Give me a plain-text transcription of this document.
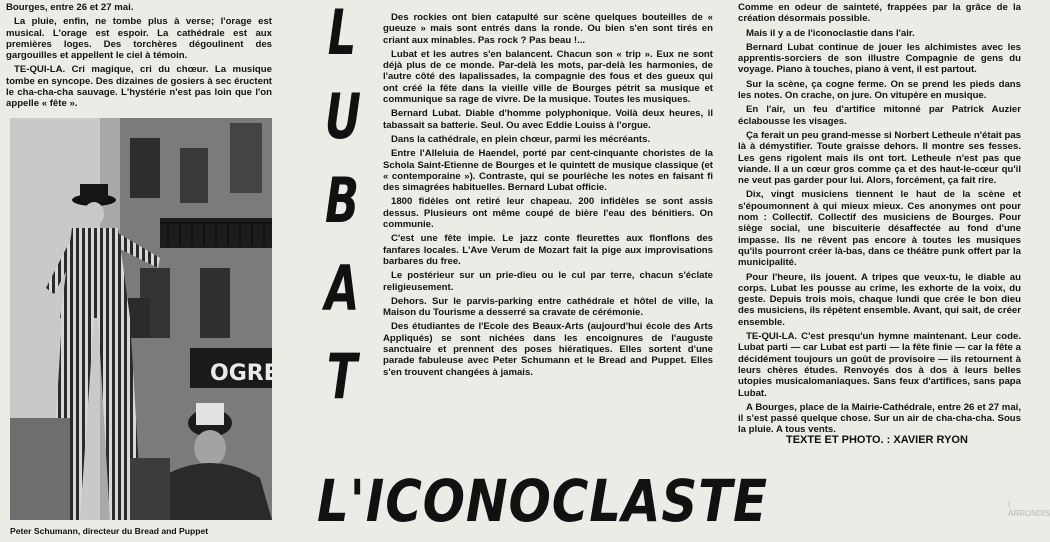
Bourges, entre 26 et 27 mai.

La pluie, enfin, ne tombe plus à verse; l'orage est musical. L'orage est espoir. La cathédrale est aux premières loges. Des torchères dégoulinent des gargouilles et appellent le ciel à témoin.

TE-QUI-LA. Cri magique, cri du chœur. La musique tombe en syncope. Des dizaines de gosiers à sec éructent le cha-cha-cha sauvage. L'hystérie n'est pas loin que l'on appelle « fête ».

OGRES
Peter Schumann, directeur du Bread and Puppet
L
U
B
A
T

Des rockies ont bien catapulté sur scène quelques bouteilles de « gueuze » mais sont entrés dans la ronde. Ou bien s'en sont tirés en criant aux minables. Pas rock ? Pas beau !...

Lubat et les autres s'en balancent. Chacun son « trip ». Eux ne sont déjà plus de ce monde. Par-delà les mots, par-delà les harmonies, de l'autre côté des lapalissades, la compagnie des fous et des gueux qui ont créé la fête dans la vieille ville de Bourges pétrit sa musique et communique sa rage de vivre. De la musique. Toutes les musiques.

Bernard Lubat. Diable d'homme polyphonique. Voilà deux heures, il tabassait sa batterie. Seul. Ou avec Eddie Louiss à l'orgue.

Dans la cathédrale, en plein chœur, parmi les mécréants.

Entre l'Alleluia de Haendel, porté par cent-cinquante choristes de la Schola Saint-Etienne de Bourges et le quintett de musique classique (et « contemporaine »). Contraste, qui se pourlèche les notes en faisant fi des simagrées habituelles. Bernard Lubat officie.

1800 fidèles ont retiré leur chapeau. 200 infidèles se sont assis dessus. Plusieurs ont même coupé de bière l'eau des bénitiers. On communie.

C'est une fête impie. Le jazz conte fleurettes aux flonflons des fanfares locales. L'Ave Verum de Mozart fait la pige aux improvisations barbares du free.

Le postérieur sur un prie-dieu ou le cul par terre, chacun s'éclate religieusement.

Dehors. Sur le parvis-parking entre cathédrale et hôtel de ville, la Maison du Tourisme a desserré sa cravate de cérémonie.

Des étudiantes de l'Ecole des Beaux-Arts (aujourd'hui école des Arts Appliqués) se sont nichées dans les encoignures de l'auguste sanctuaire et prennent des poses hiératiques. Elles sortent d'une parade fabuleuse avec Peter Schumann et le Bread and Puppet. Elles s'en trouvent changées à jamais.

Comme en odeur de sainteté, frappées par la grâce de la création désormais possible.

Mais il y a de l'iconoclastie dans l'air.

Bernard Lubat continue de jouer les alchimistes avec les apprentis-sorciers de son illustre Compagnie de gens du voyage. Piano à touches, piano à vent, il est partout.

Sur la scène, ça cogne ferme. On se prend les pieds dans les notes. On crache, on jure. On vitupère en musique.

En l'air, un feu d'artifice mitonné par Patrick Auzier éclabousse les visages.

Ça ferait un peu grand-messe si Norbert Letheule n'était pas là à démystifier. Toute graisse dehors. Il montre ses fesses. Les gens rigolent mais ils ont tort. Letheule n'est pas que viande. Il a un cœur gros comme ça et des haut-le-cœur qu'il ne veut pas garder pour lui. Alors, forcément, ça fait rire.

Dix, vingt musiciens tiennent le haut de la scène et s'époumonnent à qui mieux mieux. Ces anonymes ont pour nom : Collectif. Collectif des musiciens de Bourges. Pour siège social, une biscuiterie désaffectée au fond d'une impasse. Ils ne rêvent pas encore à toutes les musiques qu'ils pourront créer là-bas, dans ce théâtre punk offert par la municipalité.

Pour l'heure, ils jouent. A tripes que veux-tu, le diable au corps. Lubat les pousse au crime, les exhorte de la voix, du geste. Depuis trois mois, chaque lundi que crée le bon dieu des musiciens, ils répètent ensemble. Avant, qui sait, de créer ensemble.

TE-QUI-LA. C'est presqu'un hymne maintenant. Leur code. Lubat parti — car Lubat est parti — la fête finie — car la fête a décidément toujours un goût de provisoire — ils retournent à leurs chères études. Renvoyés dos à dos à leurs belles utopies musicalomaniaques. Sans feux d'artifices, sans papa Lubat.

A Bourges, place de la Mairie-Cathédrale, entre 26 et 27 mai, il s'est passé quelque chose. Sur un air de cha-cha-cha. Sous la pluie. A tous vents.

TEXTE ET PHOTO. : XAVIER RYON
L'ICONOCLASTE	I ARRONDIS
